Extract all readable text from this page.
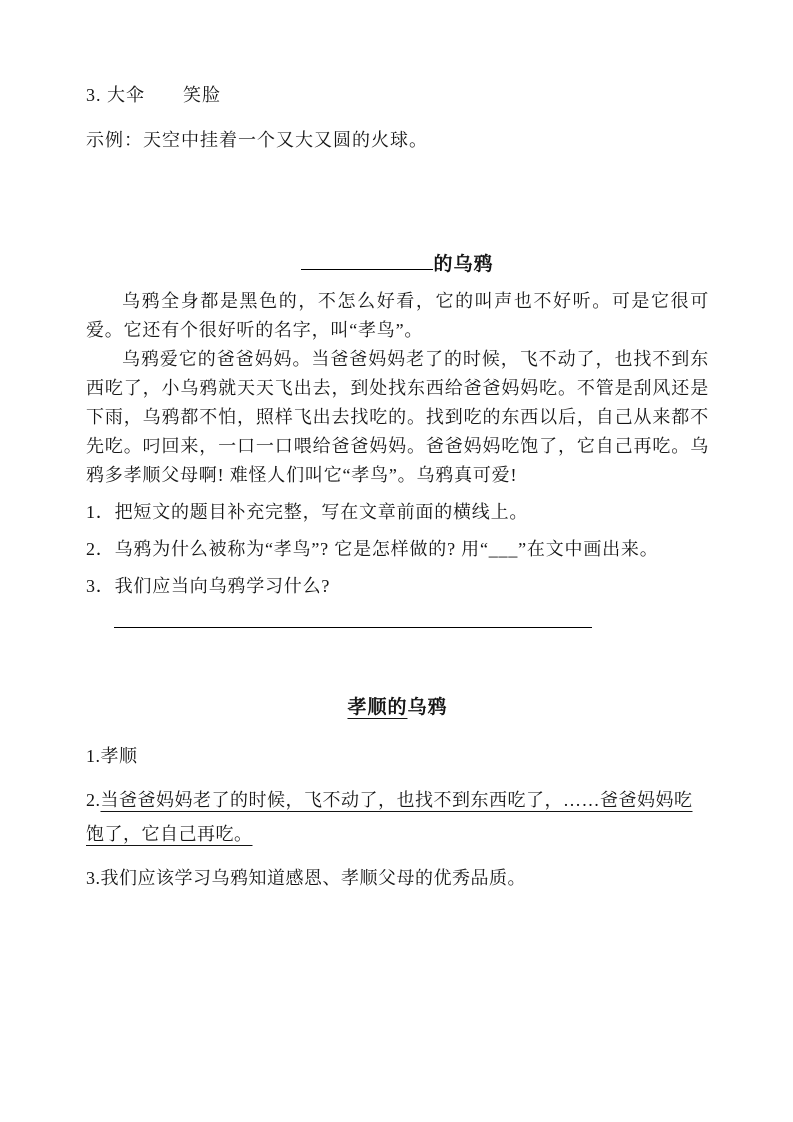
3. 大伞　　笑脸
示例：天空中挂着一个又大又圆的火球。
的乌鸦

乌鸦全身都是黑色的，不怎么好看，它的叫声也不好听。可是它很可爱。它还有个很好听的名字，叫“孝鸟”。

乌鸦爱它的爸爸妈妈。当爸爸妈妈老了的时候，飞不动了，也找不到东西吃了，小乌鸦就天天飞出去，到处找东西给爸爸妈妈吃。不管是刮风还是下雨，乌鸦都不怕，照样飞出去找吃的。找到吃的东西以后，自己从来都不先吃。叼回来，一口一口喂给爸爸妈妈。爸爸妈妈吃饱了，它自己再吃。乌鸦多孝顺父母啊! 难怪人们叫它“孝鸟”。乌鸦真可爱!

1．把短文的题目补充完整，写在文章前面的横线上。
2．乌鸦为什么被称为“孝鸟”? 它是怎样做的? 用“___”在文中画出来。
3．我们应当向乌鸦学习什么?
孝顺的乌鸦
1.孝顺
2.当爸爸妈妈老了的时候，飞不动了，也找不到东西吃了，……爸爸妈妈吃饱了，它自己再吃。
3.我们应该学习乌鸦知道感恩、孝顺父母的优秀品质。
